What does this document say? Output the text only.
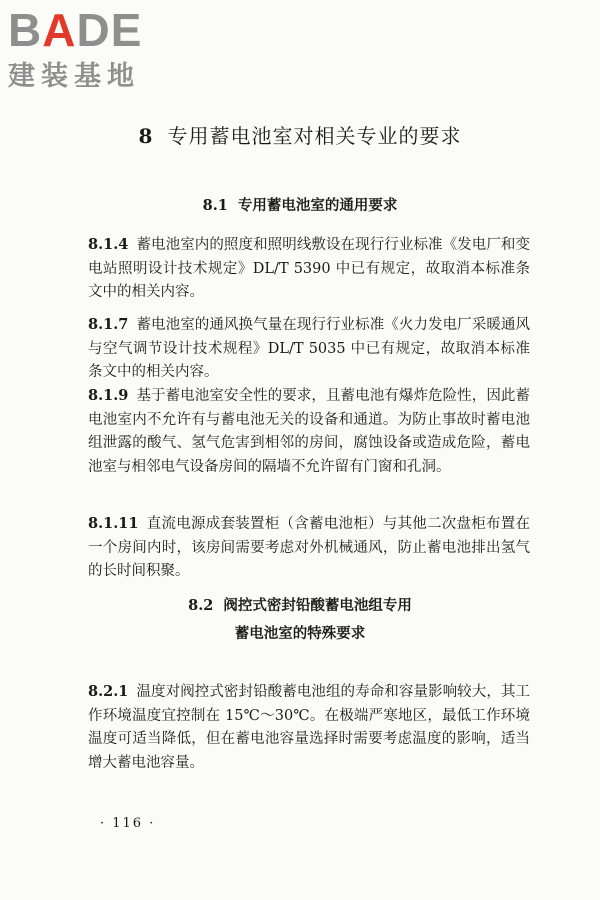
BADE
建装基地
8 专用蓄电池室对相关专业的要求
8.1 专用蓄电池室的通用要求

8.1.4 蓄电池室内的照度和照明线敷设在现行行业标准《发电厂和变电站照明设计技术规定》DL/T 5390 中已有规定，故取消本标准条文中的相关内容。

8.1.7 蓄电池室的通风换气量在现行行业标准《火力发电厂采暖通风与空气调节设计技术规程》DL/T 5035 中已有规定，故取消本标准条文中的相关内容。

8.1.9 基于蓄电池室安全性的要求，且蓄电池有爆炸危险性，因此蓄电池室内不允许有与蓄电池无关的设备和通道。为防止事故时蓄电池组泄露的酸气、氢气危害到相邻的房间，腐蚀设备或造成危险，蓄电池室与相邻电气设备房间的隔墙不允许留有门窗和孔洞。

8.1.11 直流电源成套装置柜（含蓄电池柜）与其他二次盘柜布置在一个房间内时，该房间需要考虑对外机械通风，防止蓄电池排出氢气的长时间积聚。

8.2 阀控式密封铅酸蓄电池组专用
蓄电池室的特殊要求

8.2.1 温度对阀控式密封铅酸蓄电池组的寿命和容量影响较大，其工作环境温度宜控制在 15℃～30℃。在极端严寒地区，最低工作环境温度可适当降低，但在蓄电池容量选择时需要考虑温度的影响，适当增大蓄电池容量。

· 116 ·
